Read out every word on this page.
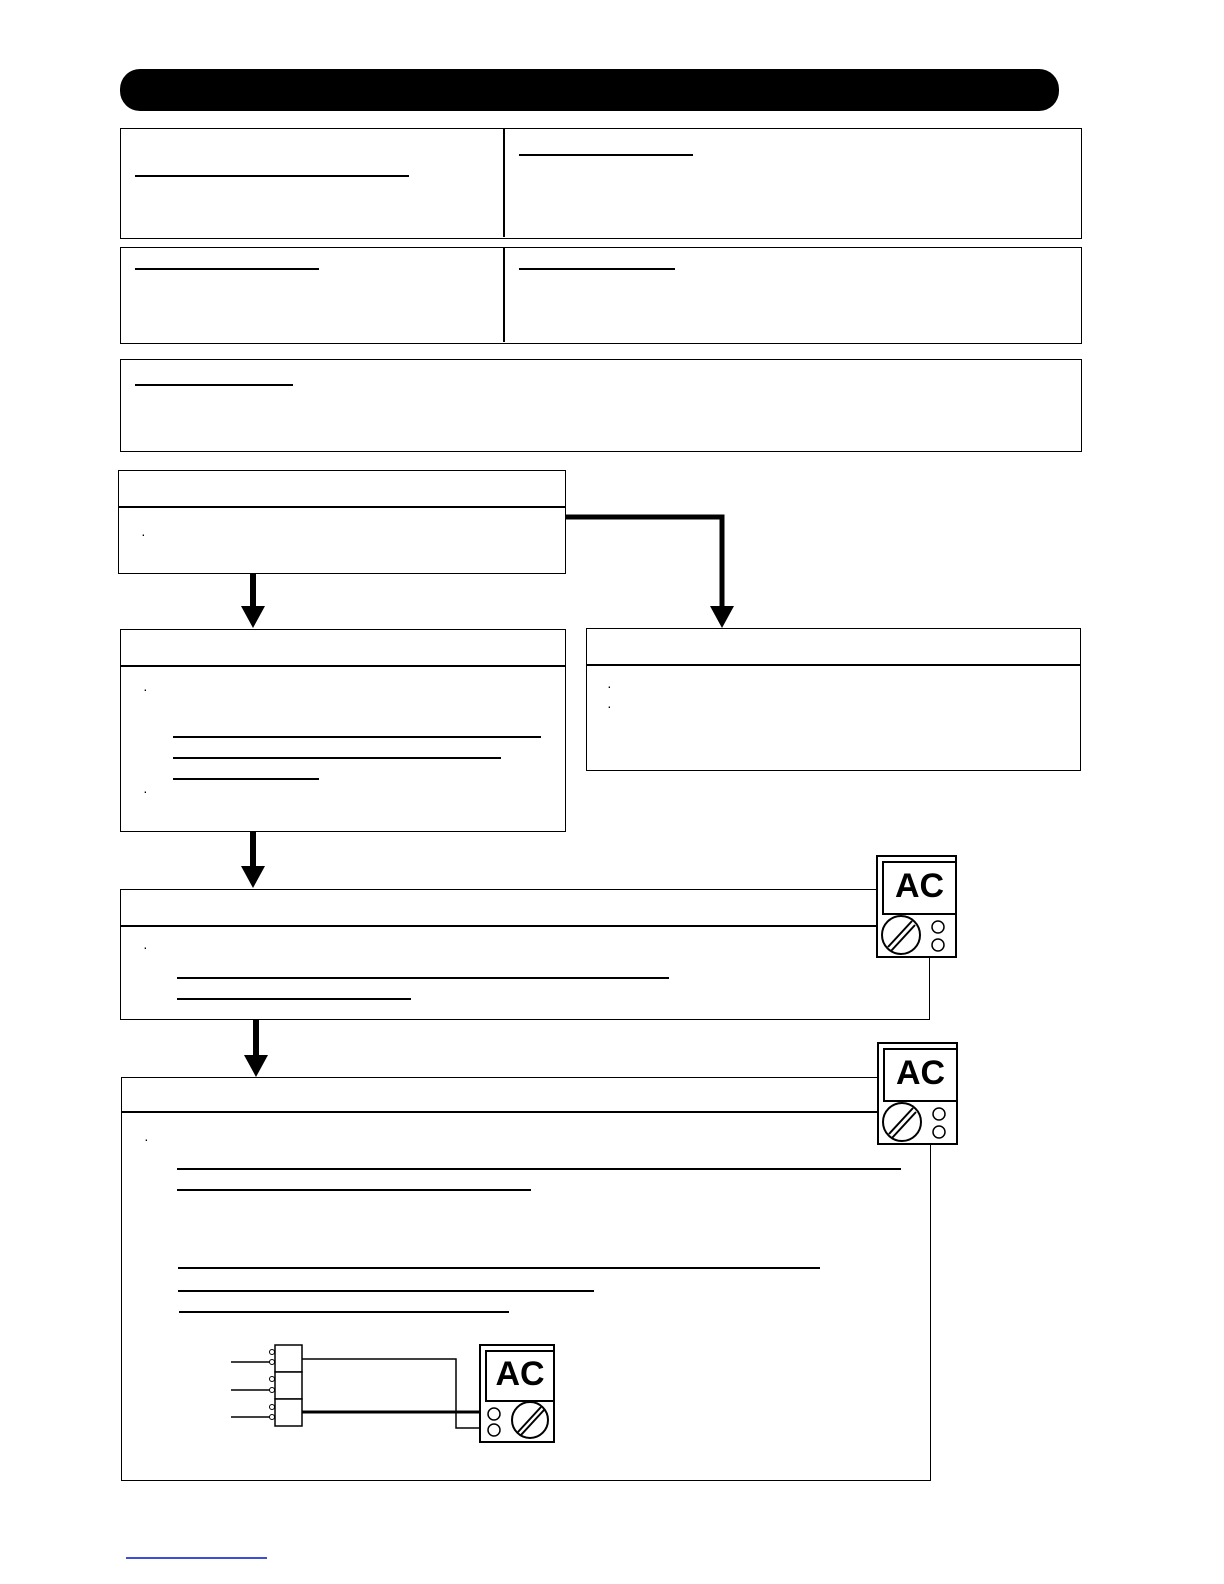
·
·
·
·
·
·
AC
·
AC
AC
